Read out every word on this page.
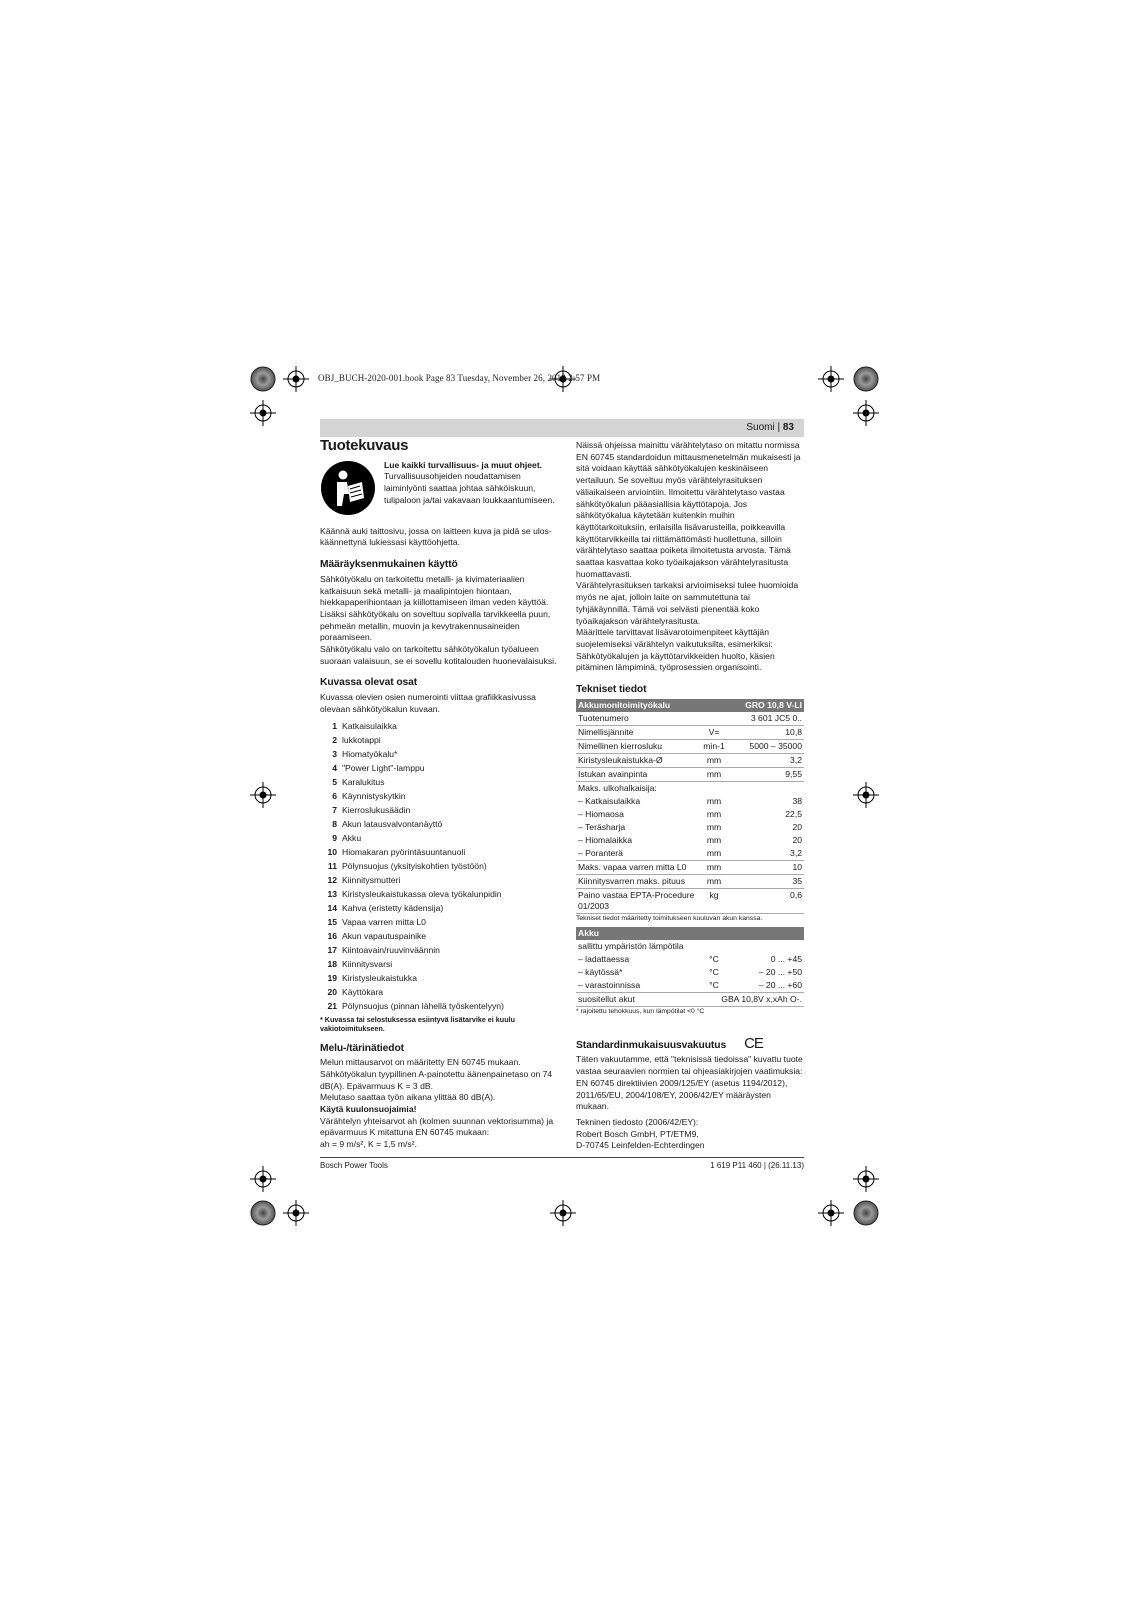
OBJ_BUCH-2020-001.book Page 83 Tuesday, November 26, 2013 2:57 PM
Suomi | 83
Tuotekuvaus
Lue kaikki turvallisuus- ja muut ohjeet. Turvallisuusohjeiden noudattamisen laiminlyönti saattaa johtaa sähköiskuun, tulipaloon ja/tai vakavaan loukkaantumiseen.

Käännä auki taittosivu, jossa on laitteen kuva ja pidä se ulos-käännettynä lukiessasi käyttöohjetta.

Määräyksenmukainen käyttö

Sähkötyökalu on tarkoitettu metalli- ja kivimateriaalien katkaisuun sekä metalli- ja maalipintojen hiontaan, hiekkapaperihiontaan ja kiillottamiseen ilman veden käyttöä. Lisäksi sähkötyökalu on soveltuu sopivalla tarvikkeella puun, pehmeän metallin, muovin ja kevytrakennusaineiden poraamiseen.

Sähkötyökalu valo on tarkoitettu sähkötyökalun työalueen suoraan valaisuun, se ei sovellu kotitalouden huonevalaisuksi.

Kuvassa olevat osat

Kuvassa olevien osien numerointi viittaa grafiikkasivussa olevaan sähkötyökalun kuvaan.

1 Katkaisulaikka
2 lukkotappi
3 Hiomatyökalu*
4 "Power Light"-lamppu
5 Karalukitus
6 Käynnistyskytkin
7 Kierroslukusäädin
8 Akun latausvalvontanäyttö
9 Akku
10 Hiomakaran pyörintäsuuntanuoli
11 Pölynsuojus (yksityiskohtien työstöön)
12 Kiinnitysmutteri
13 Kiristysleukaistukassa oleva työkalunpidin
14 Kahva (eristetty kädensija)
15 Vapaa varren mitta L0
16 Akun vapautuspainike
17 Kiintoavain/ruuvinväännin
18 Kiinnitysvarsi
19 Kiristysleukaistukka
20 Käyttökara
21 Pölynsuojus (pinnan lähellä työskentelyyn)

* Kuvassa tai selostuksessa esiintyvä lisätarvike ei kuulu vakiotoimitukseen.

Melu-/tärinätiedot

Melun mittausarvot on määritetty EN 60745 mukaan.

Sähkötyökalun tyypillinen A-painotettu äänenpainetaso on 74 dB(A). Epävarmuus K = 3 dB.

Melutaso saattaa työn aikana ylittää 80 dB(A).

Käytä kuulonsuojaimia!

Värähtelyn yhteisarvot ah (kolmen suunnan vektorisumma) ja epävarmuus K mitattuna EN 60745 mukaan:

ah = 9 m/s², K = 1,5 m/s².

Näissä ohjeissa mainittu värähtelytaso on mitattu normissa EN 60745 standardoidun mittausmenetelmän mukaisesti ja sitä voidaan käyttää sähkötyökalujen keskinäiseen vertailuun. Se soveltuu myös värähtelyrasituksen väliaikaiseen arviointiin. Ilmoitettu värähtelytaso vastaa sähkötyökalun pääasiallisia käyttötapoja. Jos sähkötyökalua käytetään kuitenkin muihin käyttötarkoituksiin, erilaisilla lisävarusteilla, poikkeavilla käyttötarvikkeilla tai riittämättömästi huollettuna, silloin värähtelytaso saattaa poiketa ilmoitetusta arvosta. Tämä saattaa kasvattaa koko työaikajakson värähtelyrasitusta huomattavasti.

Värähtelyrasituksen tarkaksi arvioimiseksi tulee huomioida myös ne ajat, jolloin laite on sammutettuna tai tyhjäkäynnillä. Tämä voi selvästi pienentää koko työaikajakson värähtelyrasitusta.

Määrittele tarvittavat lisävarotoimenpiteet käyttäjän suojelemiseksi värähtelyn vaikutuksilta, esimerkiksi: Sähkötyökalujen ja käyttötarvikkeiden huolto, käsien pitäminen lämpiminä, työprosessien organisointi.

Tekniset tiedot
Akkumonitoimityökalu		GRO 10,8 V-LI
Tuotenumero		3 601 JC5 0..
Nimellisjännite	V=	10,8
Nimellinen kierrosluku	min-1	5000 – 35000
Kiristysleukaistukka-Ø	mm	3,2
Istukan avainpinta	mm	9,55
Maks. ulkohalkaisija:		
– Katkaisulaikka	mm	38
– Hiomaosa	mm	22,5
– Teräsharja	mm	20
– Hiomalaikka	mm	20
– Poranterä	mm	3,2
Maks. vapaa varren mitta L0	mm	10
Kiinnitysvarren maks. pituus	mm	35
Paino vastaa EPTA-Procedure 01/2003	kg	0,6

Tekniset tiedot määritetty toimitukseen kuuluvan akun kanssa.

Akku		
sallittu ympäristön lämpötila		
– ladattaessa	°C	0 ... +45
– käytössä*	°C	– 20 ... +50
– varastoinnissa	°C	– 20 ... +60
suositellut akut	GBA 10,8V x,xAh O-.	

* rajoitettu tehokkuus, kun lämpötilat <0 °C

Standardinmukaisuusvakuutus CE

Täten vakuutamme, että "teknisissä tiedoissa" kuvattu tuote vastaa seuraavien normien tai ohjeasiakirjojen vaatimuksia: EN 60745 direktiivien 2009/125/EY (asetus 1194/2012), 2011/65/EU, 2004/108/EY, 2006/42/EY määräysten mukaan.

Tekninen tiedosto (2006/42/EY):

Robert Bosch GmbH, PT/ETM9,

D-70745 Leinfelden-Echterdingen

Bosch Power Tools	1 619 P11 460 | (26.11.13)
